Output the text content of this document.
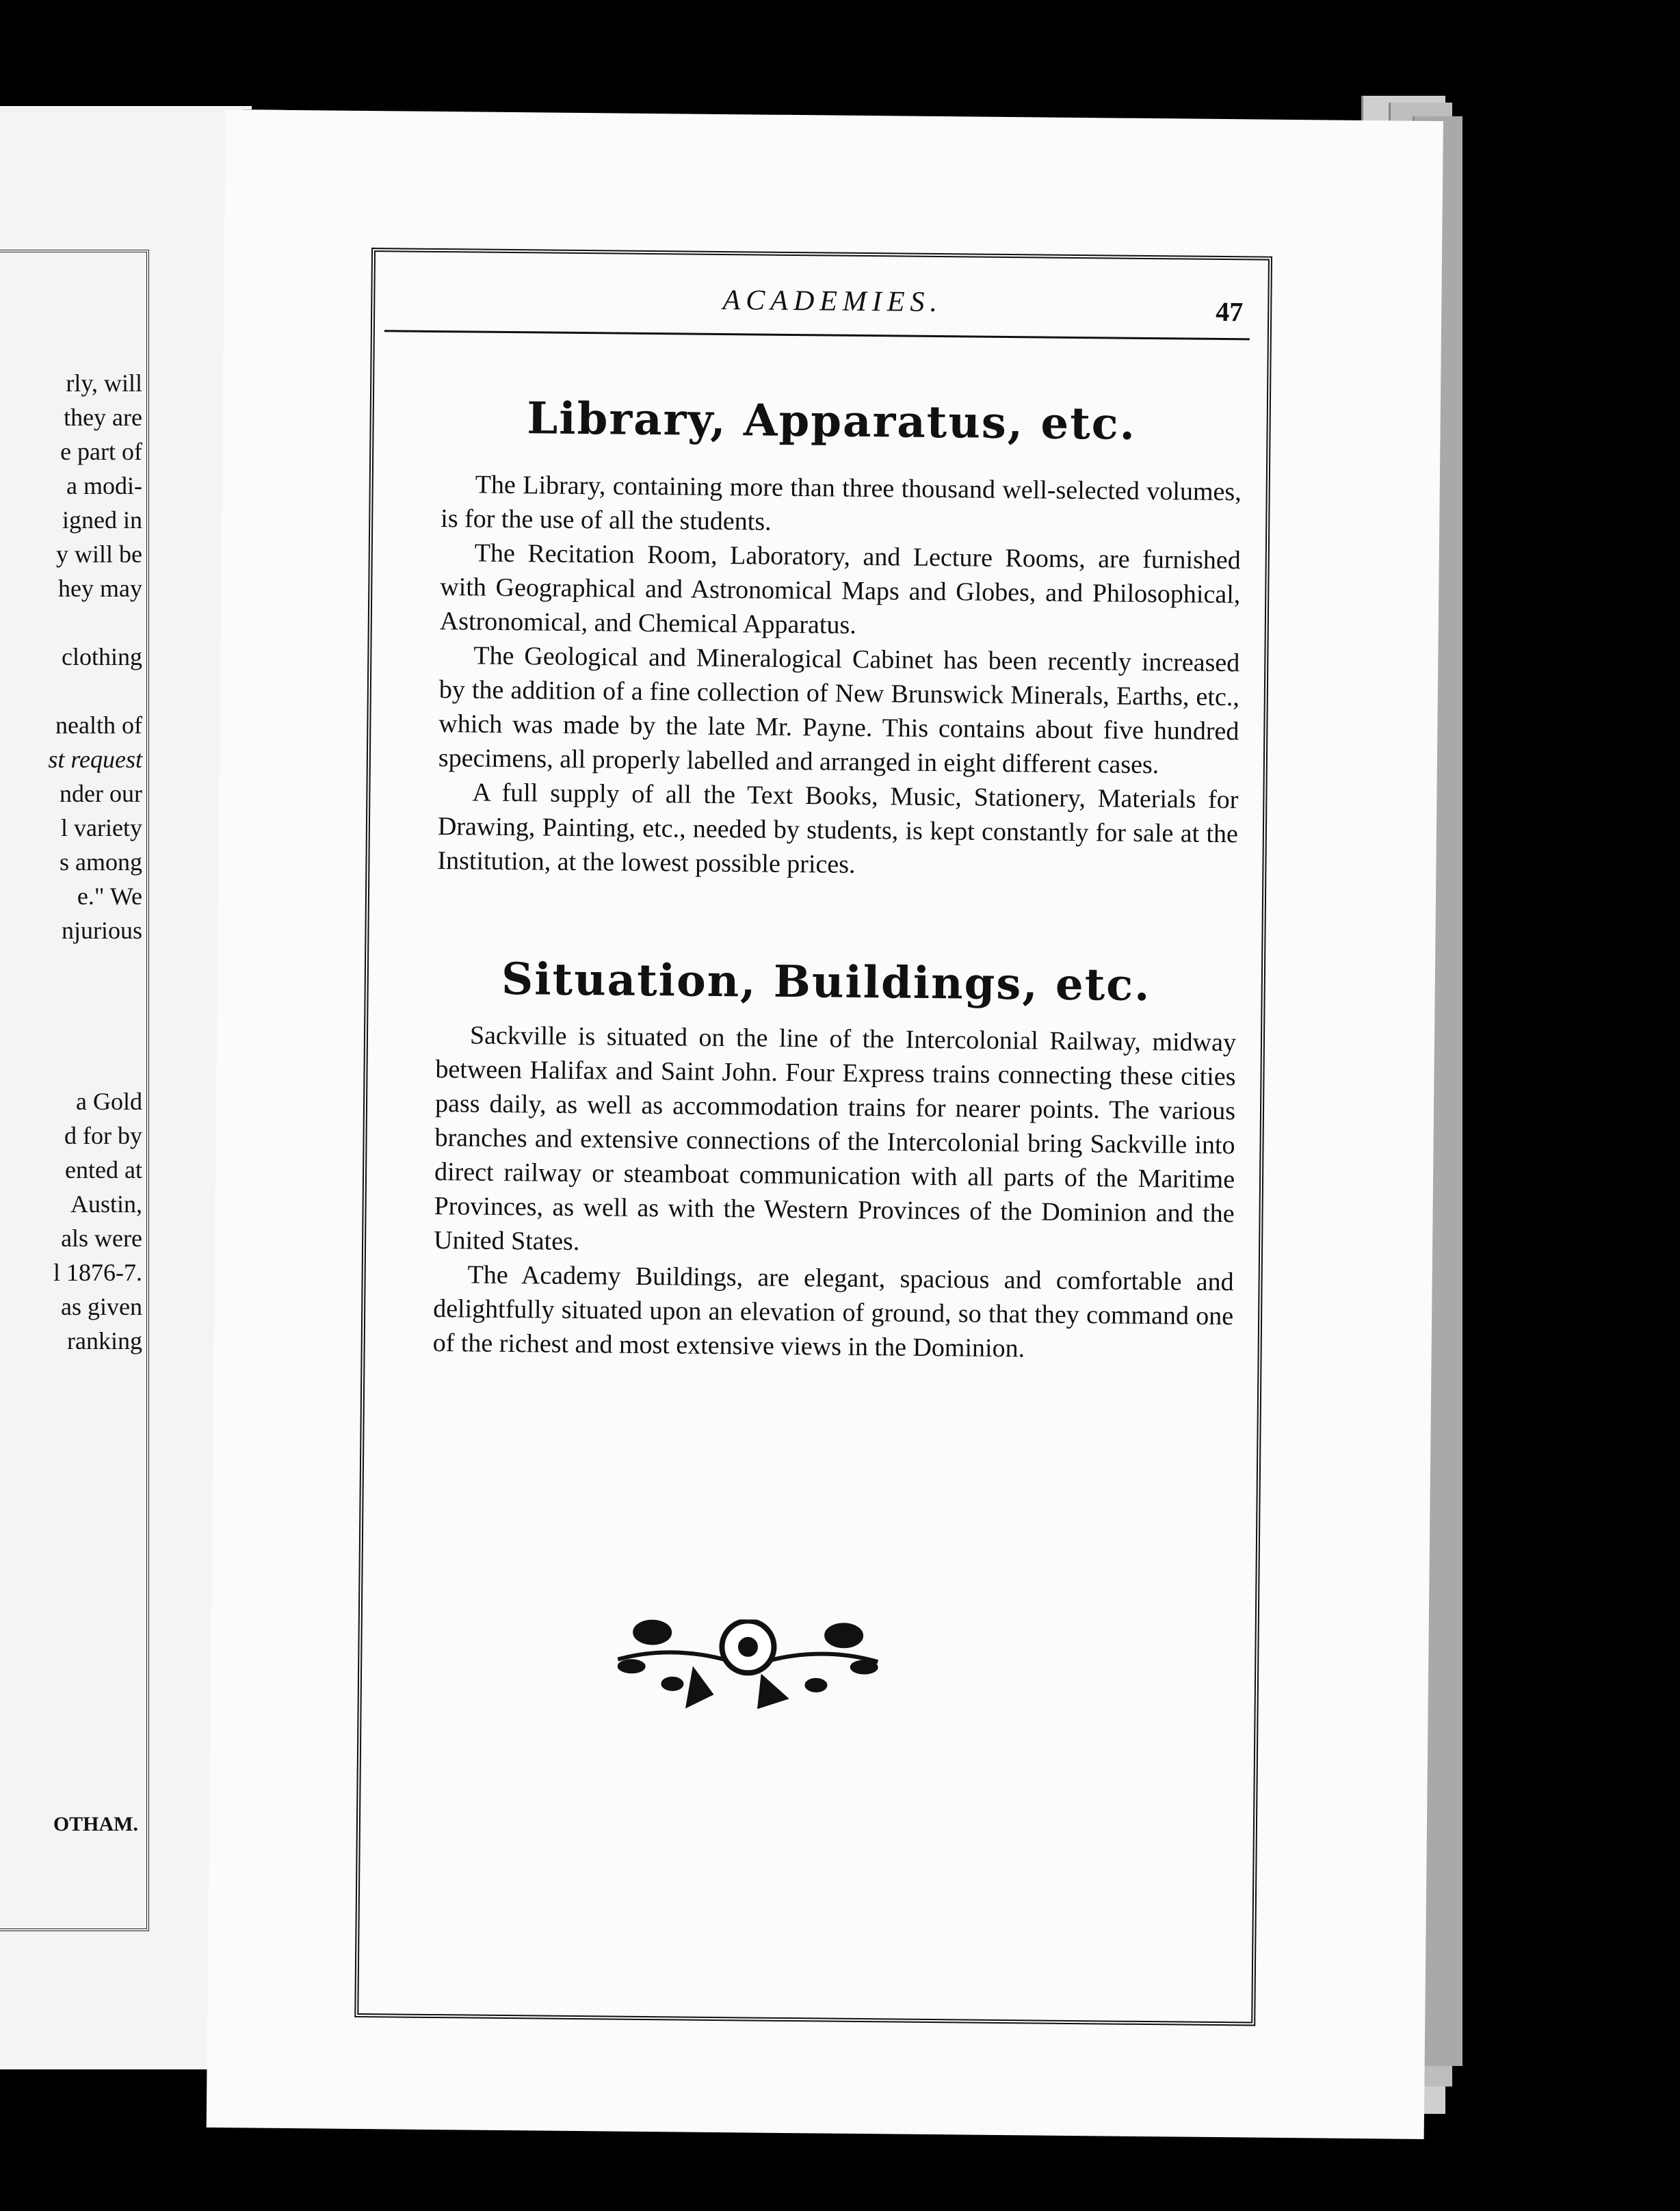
rly, will
they are
e part of
a modi-
igned in
y will be
hey may
clothing
nealth of
st request
nder our
l variety
s among
e." We
njurious
a Gold
d for by
ented at
Austin,
als were
l 1876-7.
as given
ranking
OTHAM.
ACADEMIES.	47
Library, Apparatus, etc.

The Library, containing more than three thousand well-selected volumes, is for the use of all the students.

The Recitation Room, Laboratory, and Lecture Rooms, are furnished with Geographical and Astronomical Maps and Globes, and Philosophical, Astronomical, and Chemical Apparatus.

The Geological and Mineralogical Cabinet has been recently increased by the addition of a fine collection of New Brunswick Minerals, Earths, etc., which was made by the late Mr. Payne. This contains about five hundred specimens, all properly labelled and arranged in eight different cases.

A full supply of all the Text Books, Music, Stationery, Materials for Drawing, Painting, etc., needed by students, is kept constantly for sale at the Institution, at the lowest possible prices.

Situation, Buildings, etc.

Sackville is situated on the line of the Intercolonial Railway, midway between Halifax and Saint John. Four Express trains connecting these cities pass daily, as well as accommodation trains for nearer points. The various branches and extensive connections of the Intercolonial bring Sackville into direct railway or steamboat communication with all parts of the Maritime Provinces, as well as with the Western Provinces of the Dominion and the United States.

The Academy Buildings, are elegant, spacious and comfortable and delightfully situated upon an elevation of ground, so that they command one of the richest and most extensive views in the Dominion.
